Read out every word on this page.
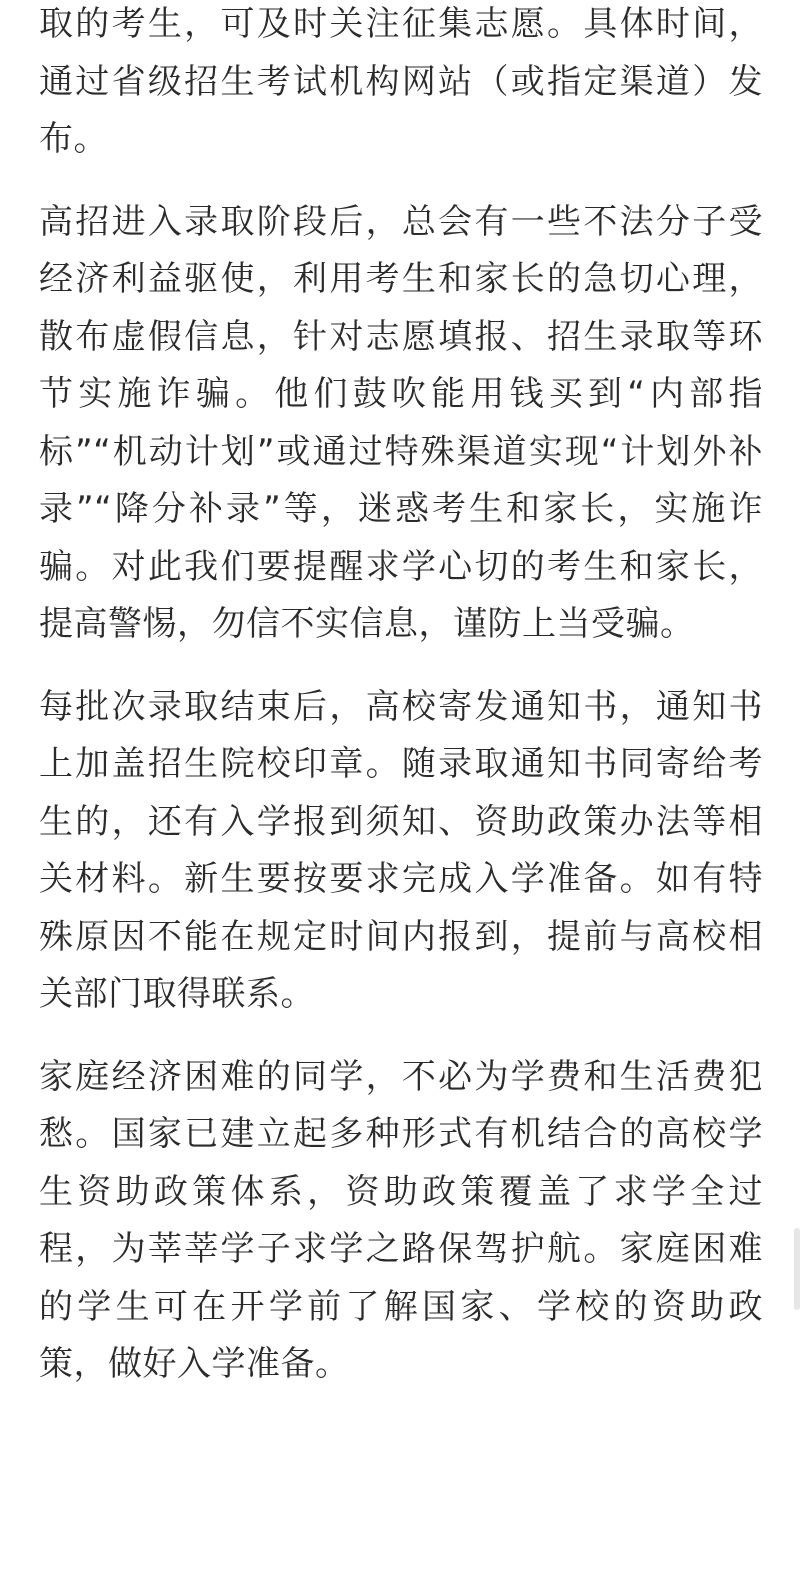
取的考生，可及时关注征集志愿。具体时间，通过省级招生考试机构网站（或指定渠道）发布。

高招进入录取阶段后，总会有一些不法分子受经济利益驱使，利用考生和家长的急切心理，散布虚假信息，针对志愿填报、招生录取等环节实施诈骗。他们鼓吹能用钱买到“内部指标”“机动计划”或通过特殊渠道实现“计划外补录”“降分补录”等，迷惑考生和家长，实施诈骗。对此我们要提醒求学心切的考生和家长，提高警惕，勿信不实信息，谨防上当受骗。

每批次录取结束后，高校寄发通知书，通知书上加盖招生院校印章。随录取通知书同寄给考生的，还有入学报到须知、资助政策办法等相关材料。新生要按要求完成入学准备。如有特殊原因不能在规定时间内报到，提前与高校相关部门取得联系。

家庭经济困难的同学，不必为学费和生活费犯愁。国家已建立起多种形式有机结合的高校学生资助政策体系，资助政策覆盖了求学全过程，为莘莘学子求学之路保驾护航。家庭困难的学生可在开学前了解国家、学校的资助政策，做好入学准备。
